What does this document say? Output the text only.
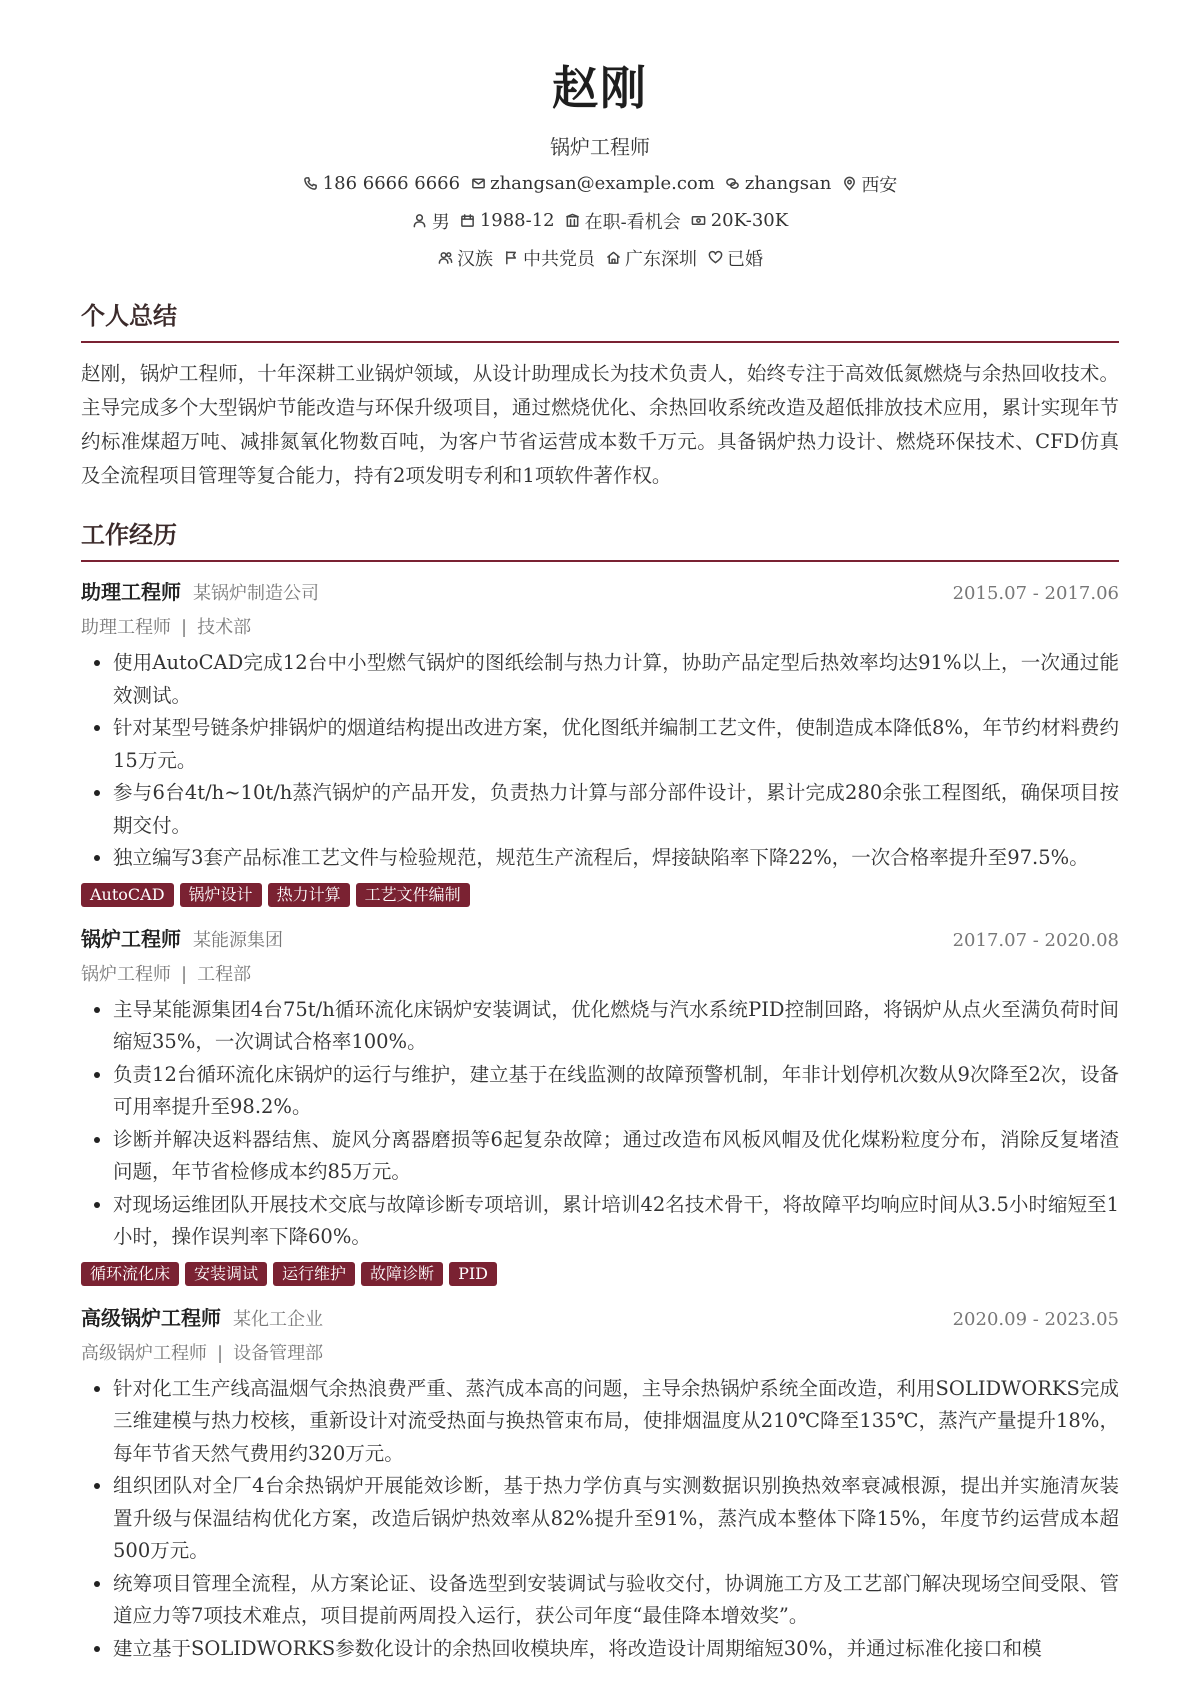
赵刚
锅炉工程师
186 6666 6666 zhangsan@example.com zhangsan 西安
男 1988-12 在职-看机会 20K-30K
汉族 中共党员 广东深圳 已婚
个人总结

赵刚，锅炉工程师，十年深耕工业锅炉领域，从设计助理成长为技术负责人，始终专注于高效低氮燃烧与余热回收技术。主导完成多个大型锅炉节能改造与环保升级项目，通过燃烧优化、余热回收系统改造及超低排放技术应用，累计实现年节约标准煤超万吨、减排氮氧化物数百吨，为客户节省运营成本数千万元。具备锅炉热力设计、燃烧环保技术、CFD仿真及全流程项目管理等复合能力，持有2项发明专利和1项软件著作权。

工作经历
助理工程师 某锅炉制造公司	2015.07 - 2017.06
助理工程师 | 技术部
• 使用AutoCAD完成12台中小型燃气锅炉的图纸绘制与热力计算，协助产品定型后热效率均达91%以上，一次通过能效测试。
• 针对某型号链条炉排锅炉的烟道结构提出改进方案，优化图纸并编制工艺文件，使制造成本降低8%，年节约材料费约15万元。
• 参与6台4t/h~10t/h蒸汽锅炉的产品开发，负责热力计算与部分部件设计，累计完成280余张工程图纸，确保项目按期交付。
• 独立编写3套产品标准工艺文件与检验规范，规范生产流程后，焊接缺陷率下降22%，一次合格率提升至97.5%。
AutoCAD	锅炉设计	热力计算	工艺文件编制
锅炉工程师 某能源集团	2017.07 - 2020.08
锅炉工程师 | 工程部
• 主导某能源集团4台75t/h循环流化床锅炉安装调试，优化燃烧与汽水系统PID控制回路，将锅炉从点火至满负荷时间缩短35%，一次调试合格率100%。
• 负责12台循环流化床锅炉的运行与维护，建立基于在线监测的故障预警机制，年非计划停机次数从9次降至2次，设备可用率提升至98.2%。
• 诊断并解决返料器结焦、旋风分离器磨损等6起复杂故障；通过改造布风板风帽及优化煤粉粒度分布，消除反复堵渣问题，年节省检修成本约85万元。
• 对现场运维团队开展技术交底与故障诊断专项培训，累计培训42名技术骨干，将故障平均响应时间从3.5小时缩短至1小时，操作误判率下降60%。
循环流化床	安装调试	运行维护	故障诊断	PID
高级锅炉工程师 某化工企业	2020.09 - 2023.05
高级锅炉工程师 | 设备管理部
• 针对化工生产线高温烟气余热浪费严重、蒸汽成本高的问题，主导余热锅炉系统全面改造，利用SOLIDWORKS完成三维建模与热力校核，重新设计对流受热面与换热管束布局，使排烟温度从210℃降至135℃，蒸汽产量提升18%，每年节省天然气费用约320万元。
• 组织团队对全厂4台余热锅炉开展能效诊断，基于热力学仿真与实测数据识别换热效率衰减根源，提出并实施清灰装置升级与保温结构优化方案，改造后锅炉热效率从82%提升至91%，蒸汽成本整体下降15%，年度节约运营成本超500万元。
• 统筹项目管理全流程，从方案论证、设备选型到安装调试与验收交付，协调施工方及工艺部门解决现场空间受限、管道应力等7项技术难点，项目提前两周投入运行，获公司年度“最佳降本增效奖”。
• 建立基于SOLIDWORKS参数化设计的余热回收模块库，将改造设计周期缩短30%，并通过标准化接口和模
